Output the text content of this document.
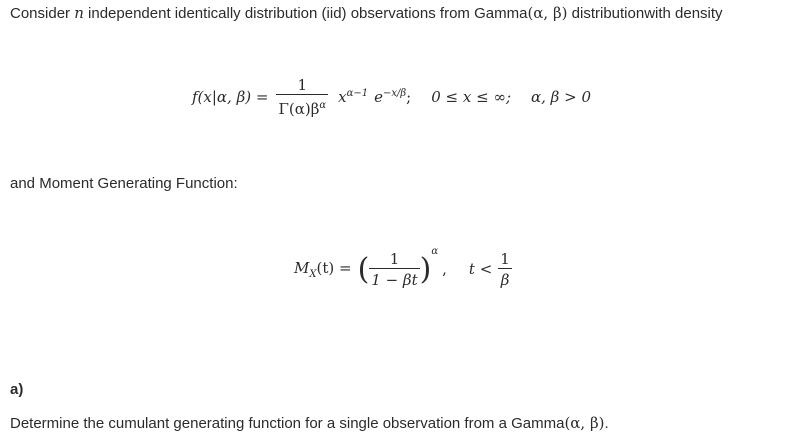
Consider n independent identically distribution (iid) observations from Gamma(α, β) distributionwith density
f(x|α, $\beta) = \frac{1}{\Gamma(\alpha)\beta^\alpha} x^{\alpha-1}$ $e^{-x/\beta}$ ; 0 ≤ x ≤ ∞; α, β > 0
and Moment Generating Function:
$M_X(t)$ = ( $\frac{1}{1 - \beta t} )^\alpha$
, $t < \frac{1}{\beta}$
a)
Determine the cumulant generating function for a single observation from a Gamma(α, β).
